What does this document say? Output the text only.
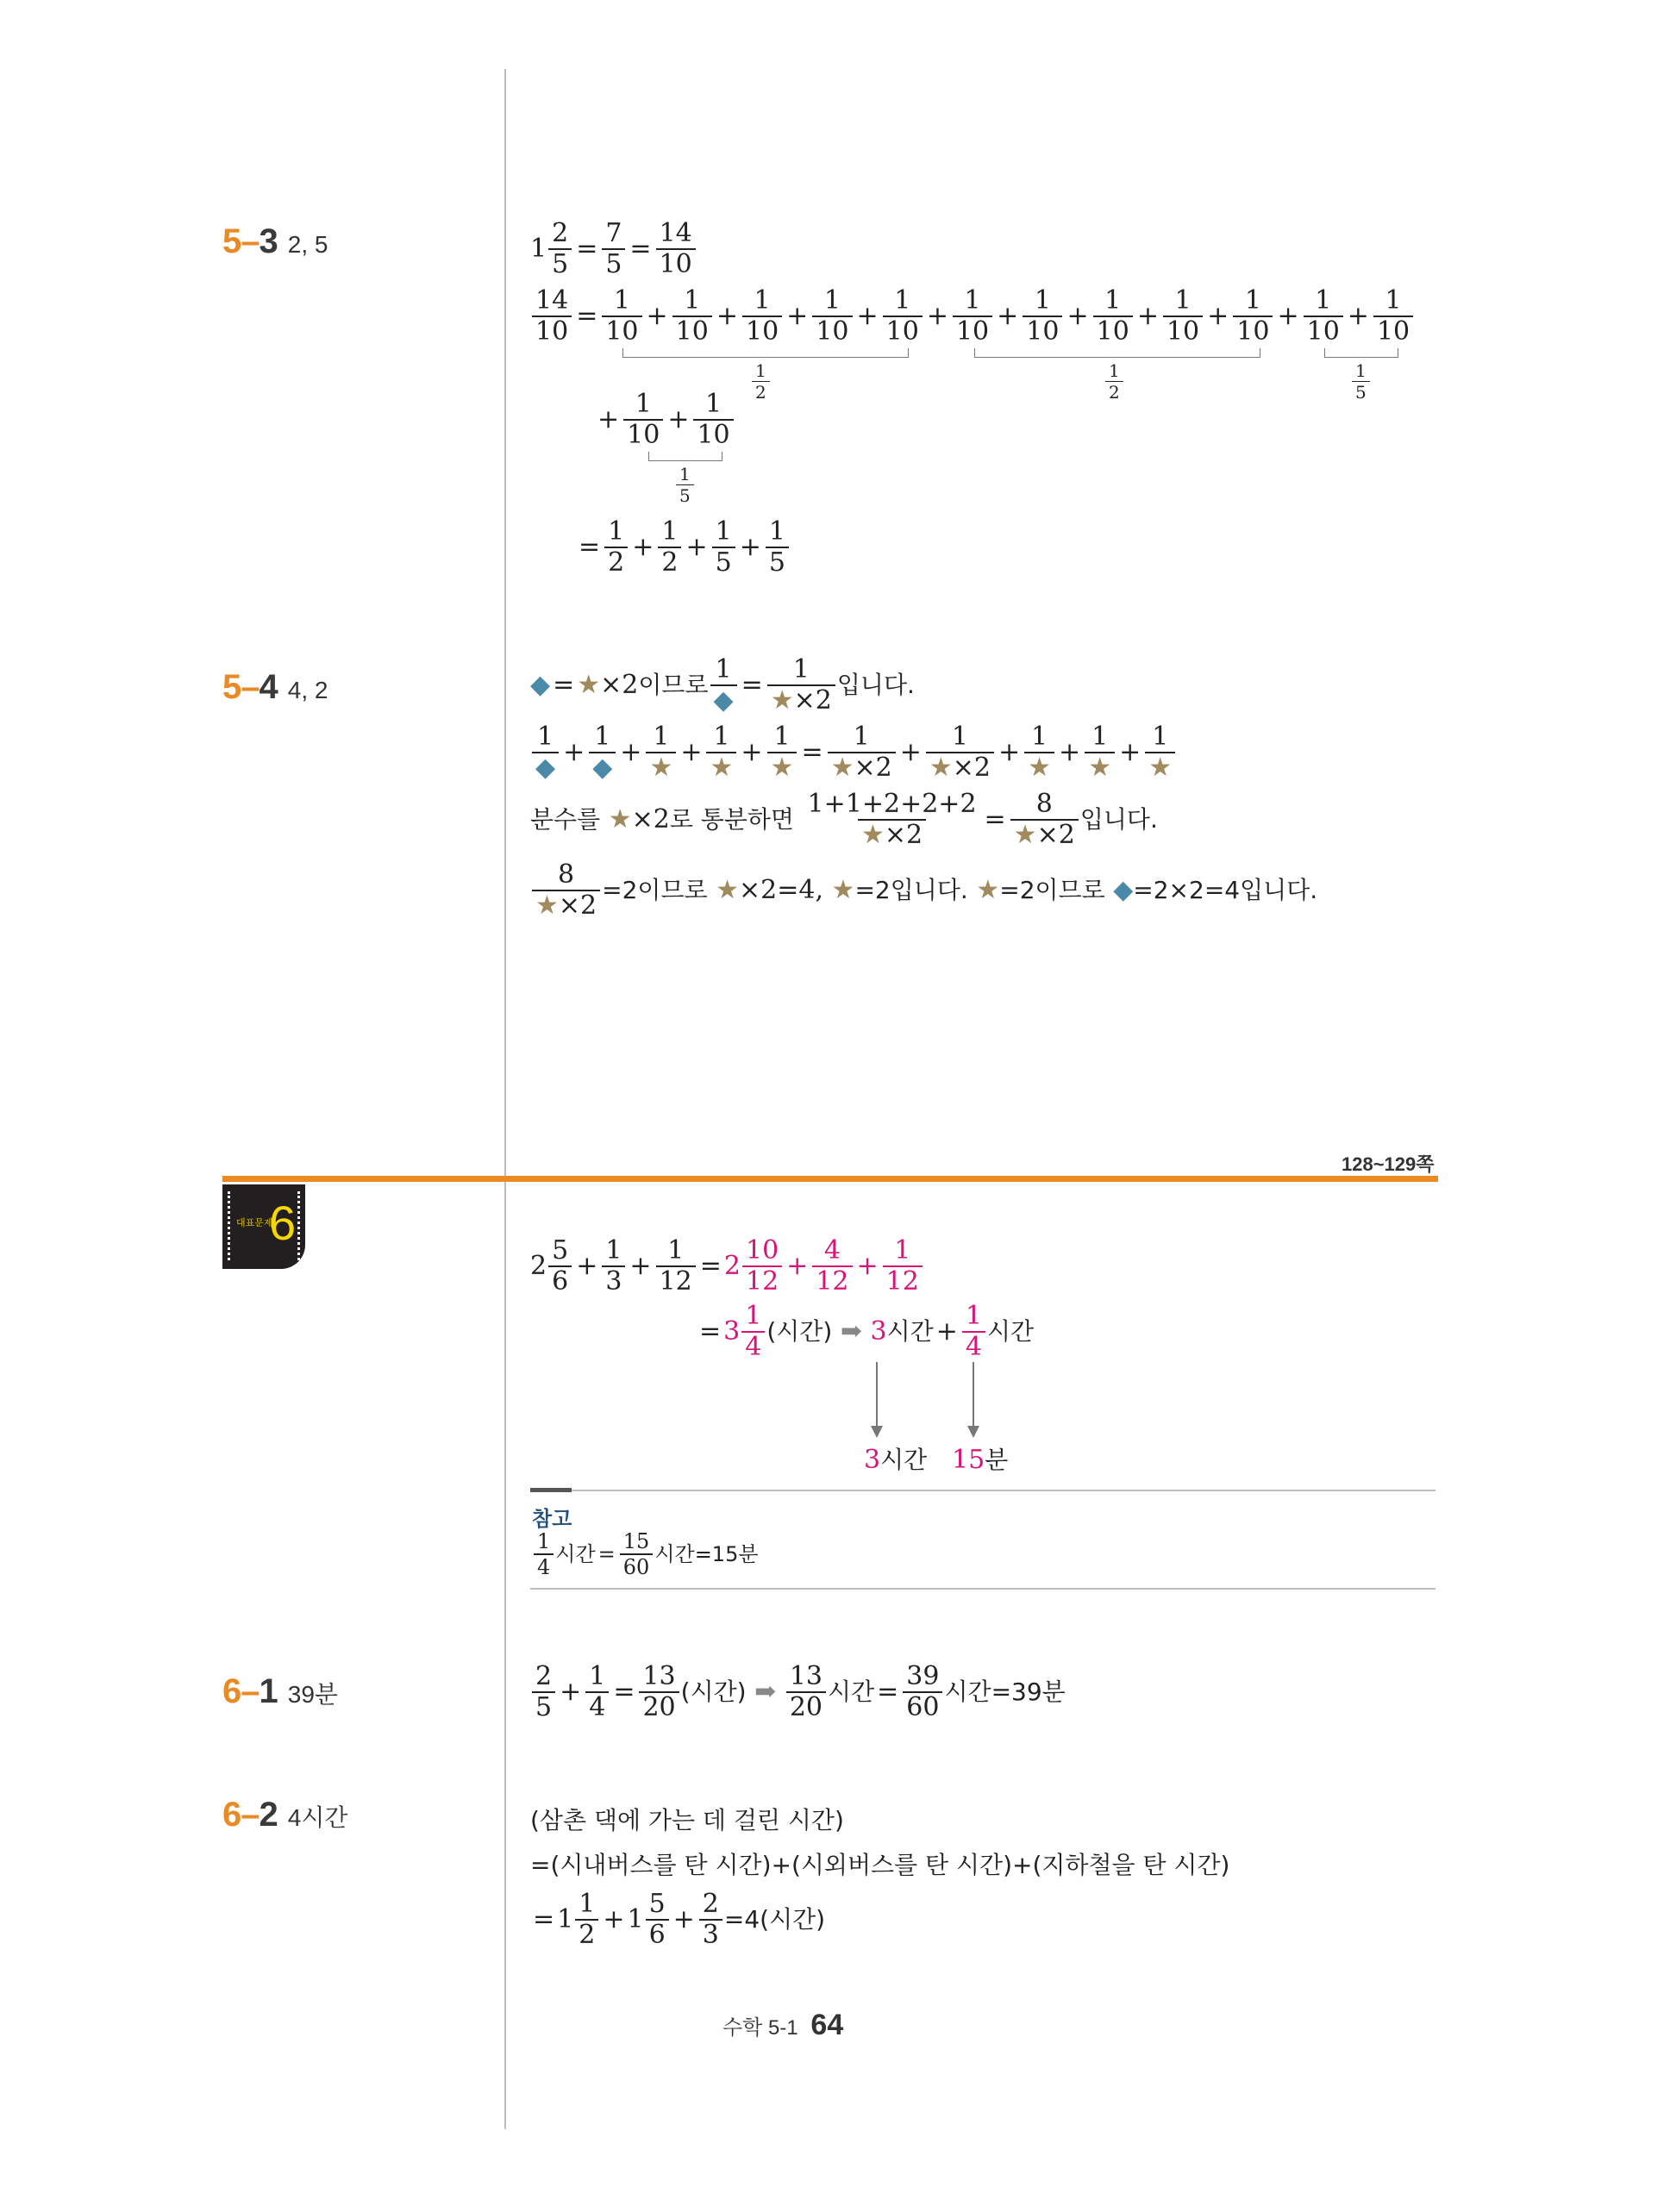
5–3 2, 5	$1 \frac{2}{5} = \frac{7}{5} = \frac{14}{10}$
$\frac{14}{10} = \frac{1}{10} + \frac{1}{10} + \frac{1}{10} + \frac{1}{10} + \frac{1}{10} + \frac{1}{10} + \frac{1}{10} + \frac{1}{10} + \frac{1}{10} + \frac{1}{10} + \frac{1}{10} + \frac{1}{10}$
$\frac{1}{2}$	$\frac{1}{2}$	$\frac{1}{5}$
+ $\frac{1}{10} + \frac{1}{10}$
$\frac{1}{5}$
= $\frac{1}{2} + \frac{1}{2} + \frac{1}{5} + \frac{1}{5}$
5–4 4, 2	◆ = ★ ×2 이므로 $\frac{1}{◆} = \frac{1}{★\times 2}$ 입니다.
$\frac{1}{◆} + \frac{1}{◆} + \frac{1}{★} + \frac{1}{★} + \frac{1}{★} = \frac{1}{★\times 2} + \frac{1}{★\times 2} + \frac{1}{★} + \frac{1}{★} + \frac{1}{★}$
분수를
★ ×2 로 통분하면
$\frac{1+1+2+2+2}{★\times 2} = \frac{8}{★\times 2}$ 입니다.
$\frac{8}{★\times 2} =2$이므로
★ ×2=4,
★ =2입니다.
★ =2이므로
◆ =2×2=4입니다.
128~129쪽
대표문제
6
$2 \frac{5}{6} + \frac{1}{3} + \frac{1}{12} = 2 \frac{10}{12} + \frac{4}{12} + \frac{1}{12}$
= $3 \frac{1}{4}$ (시간) ➡ 3 시간 + $\frac{1}{4}$ 시간
3시간 15분
참고
$\frac{1}{4}$ 시간 = $\frac{15}{60}$ 시간 =15분
6–1 39분	$\frac{2}{5} + \frac{1}{4} = \frac{13}{20}$ (시간) ➡ $\frac{13}{20}$ 시간 = $\frac{39}{60}$ 시간 =39분
6–2 4시간	(삼촌 댁에 가는 데 걸린 시간)
=(시내버스를 탄 시간)+(시외버스를 탄 시간)+(지하철을 탄 시간)
= $1 \frac{1}{2} + 1 \frac{5}{6} + \frac{2}{3} =4$(시간)
수학 5-1 64
